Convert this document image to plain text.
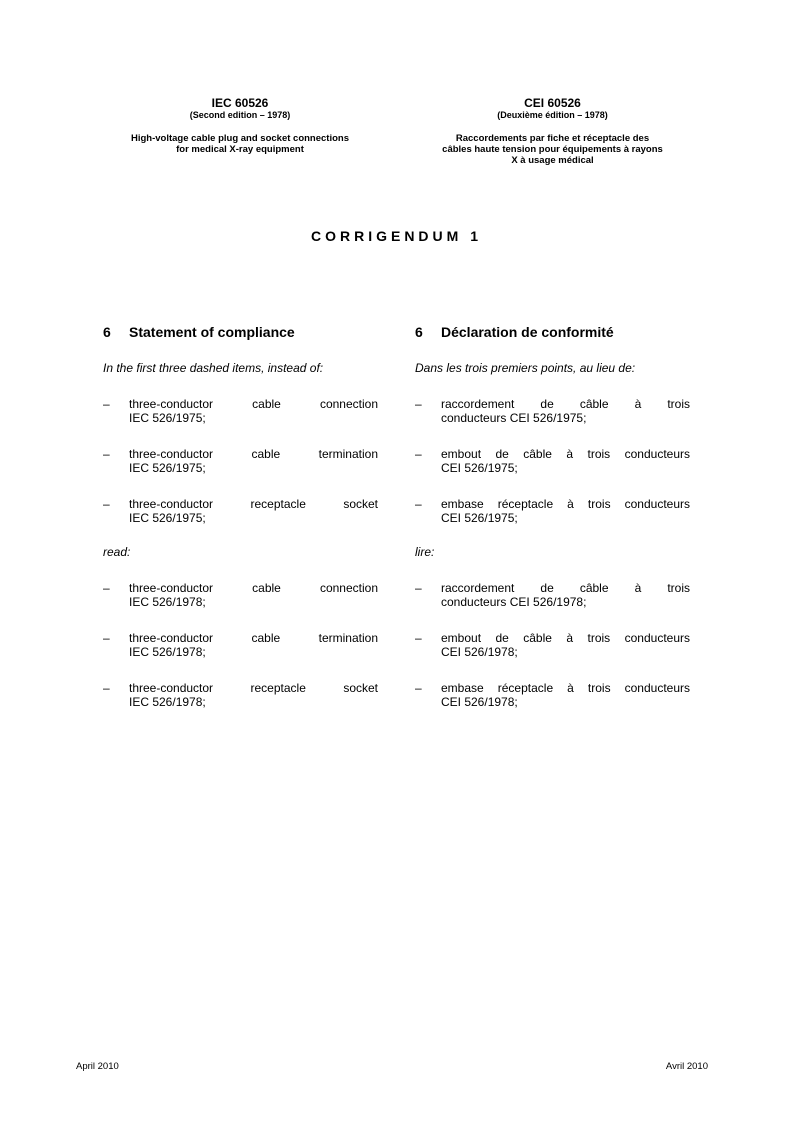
IEC 60526
(Second edition – 1978)
High-voltage cable plug and socket connections
for medical X-ray equipment
CEI 60526
(Deuxième édition – 1978)
Raccordements par fiche et réceptacle des
câbles haute tension pour équipements à rayons
X à usage médical
CORRIGENDUM 1
6 Statement of compliance
In the first three dashed items, instead of:
–	three-conductor cable connection
IEC 526/1975;
–	three-conductor cable termination
IEC 526/1975;
–	three-conductor receptacle socket
IEC 526/1975;
read:
–	three-conductor cable connection
IEC 526/1978;
–	three-conductor cable termination
IEC 526/1978;
–	three-conductor receptacle socket
IEC 526/1978;
6 Déclaration de conformité
Dans les trois premiers points, au lieu de:
–	raccordement de câble à trois
conducteurs CEI 526/1975;
–	embout de câble à trois conducteurs
CEI 526/1975;
–	embase réceptacle à trois conducteurs
CEI 526/1975;
lire:
–	raccordement de câble à trois
conducteurs CEI 526/1978;
–	embout de câble à trois conducteurs
CEI 526/1978;
–	embase réceptacle à trois conducteurs
CEI 526/1978;
April 2010	Avril 2010
